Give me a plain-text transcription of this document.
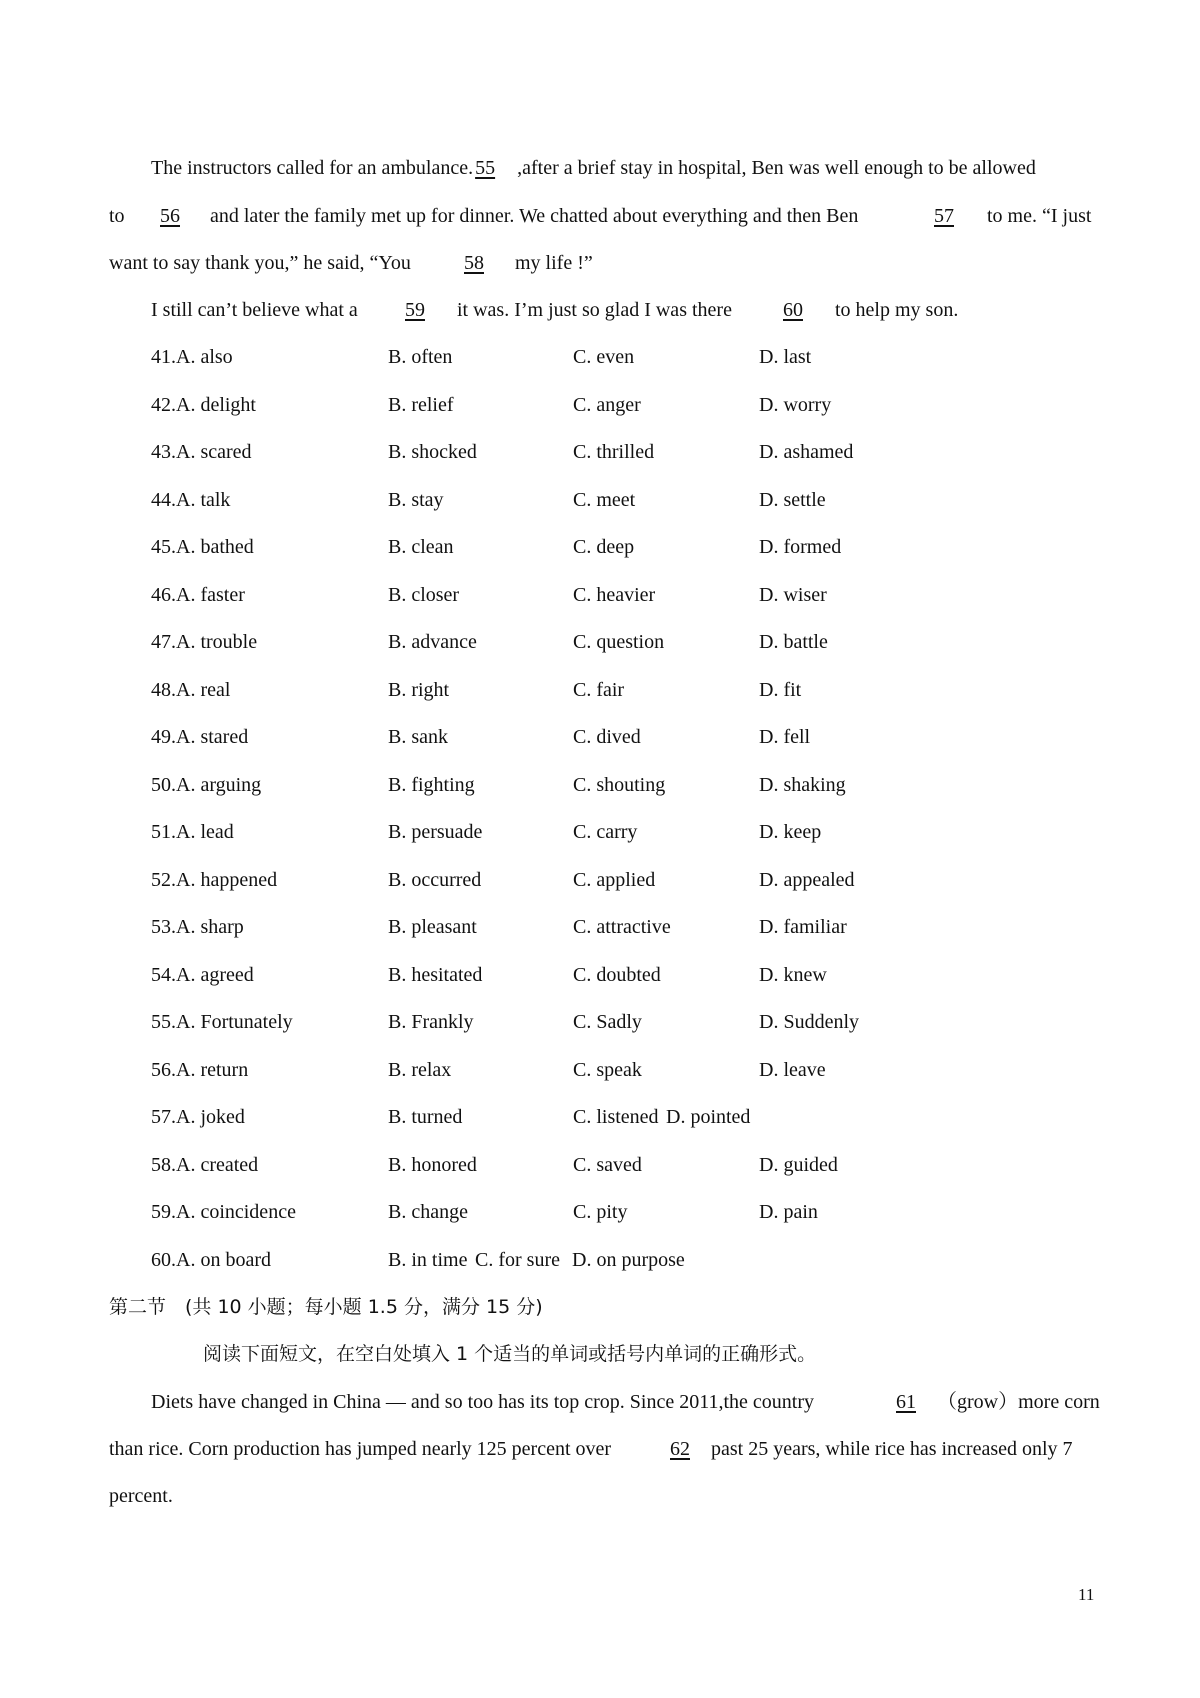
The instructors called for an ambulance. 55 ,after a brief stay in hospital, Ben was well enough to be allowed
to 56 and later the family met up for dinner. We chatted about everything and then Ben	57 to me. “I just
want to say thank you,” he said, “You	58 my life !”
I still can’t believe what a 59 it was. I’m just so glad I was there	60 to help my son.
41.A. also	B. often	C. even	D. last
42.A. delight	B. relief	C. anger	D. worry
43.A. scared	B. shocked	C. thrilled	D. ashamed
44.A. talk	B. stay	C. meet	D. settle
45.A. bathed	B. clean	C. deep	D. formed
46.A. faster	B. closer	C. heavier	D. wiser
47.A. trouble	B. advance	C. question	D. battle
48.A. real	B. right	C. fair	D. fit
49.A. stared	B. sank	C. dived	D. fell
50.A. arguing	B. fighting	C. shouting	D. shaking
51.A. lead	B. persuade	C. carry	D. keep
52.A. happened	B. occurred	C. applied	D. appealed
53.A. sharp	B. pleasant	C. attractive	D. familiar
54.A. agreed	B. hesitated	C. doubted	D. knew
55.A. Fortunately	B. Frankly	C. Sadly	D. Suddenly
56.A. return	B. relax	C. speak	D. leave
57.A. joked	B. turned	C. listened D. pointed
58.A. created	B. honored	C. saved	D. guided
59.A. coincidence	B. change	C. pity	D. pain
60.A. on board	B. in time C. for sure D. on purpose
第二节　(共 10 小题；每小题 1.5 分，满分 15 分)
阅读下面短文，在空白处填入 1 个适当的单词或括号内单词的正确形式。
Diets have changed in China — and so too has its top crop. Since 2011,the country	61	（grow）more corn
than rice. Corn production has jumped nearly 125 percent over	62	past 25 years, while rice has increased only 7
percent.
11
